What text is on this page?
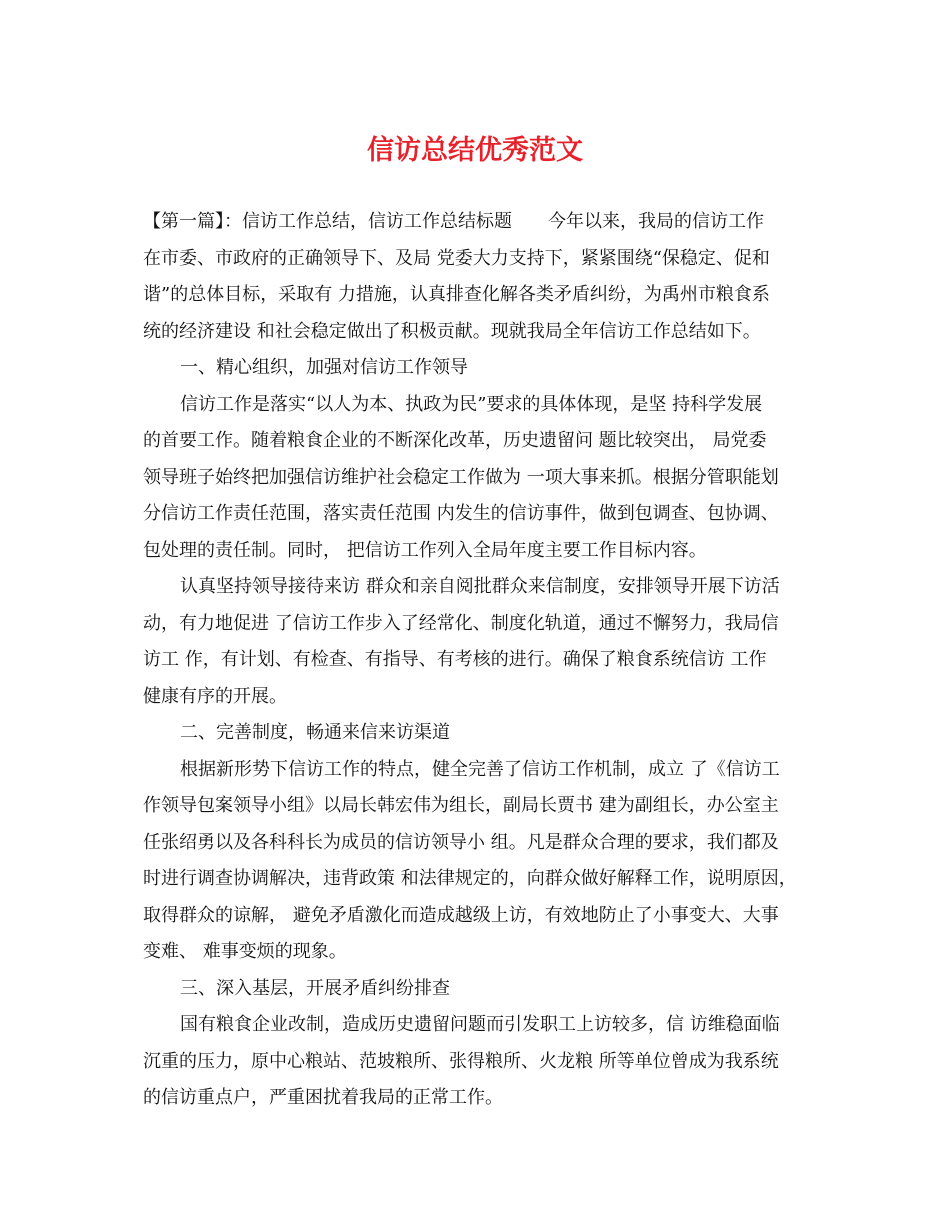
信访总结优秀范文
【第一篇】：信访工作总结，信访工作总结标题　　今年以来，我局的信访工作
在市委、市政府的正确领导下、及局 党委大力支持下，紧紧围绕“保稳定、促和
谐”的总体目标，采取有 力措施，认真排查化解各类矛盾纠纷，为禹州市粮食系
统的经济建设 和社会稳定做出了积极贡献。现就我局全年信访工作总结如下。
一、精心组织，加强对信访工作领导
信访工作是落实“以人为本、执政为民”要求的具体体现，是坚 持科学发展
的首要工作。随着粮食企业的不断深化改革，历史遗留问 题比较突出， 局党委
领导班子始终把加强信访维护社会稳定工作做为 一项大事来抓。根据分管职能划
分信访工作责任范围，落实责任范围 内发生的信访事件，做到包调查、包协调、
包处理的责任制。同时， 把信访工作列入全局年度主要工作目标内容。
认真坚持领导接待来访 群众和亲自阅批群众来信制度，安排领导开展下访活
动，有力地促进 了信访工作步入了经常化、制度化轨道，通过不懈努力，我局信
访工 作，有计划、有检查、有指导、有考核的进行。确保了粮食系统信访 工作
健康有序的开展。
二、完善制度，畅通来信来访渠道
根据新形势下信访工作的特点，健全完善了信访工作机制，成立 了《信访工
作领导包案领导小组》以局长韩宏伟为组长，副局长贾书 建为副组长，办公室主
任张绍勇以及各科科长为成员的信访领导小 组。凡是群众合理的要求，我们都及
时进行调查协调解决，违背政策 和法律规定的，向群众做好解释工作，说明原因，
取得群众的谅解， 避免矛盾激化而造成越级上访，有效地防止了小事变大、大事
变难、 难事变烦的现象。
三、深入基层，开展矛盾纠纷排查
国有粮食企业改制，造成历史遗留问题而引发职工上访较多，信 访维稳面临
沉重的压力，原中心粮站、范坡粮所、张得粮所、火龙粮 所等单位曾成为我系统
的信访重点户，严重困扰着我局的正常工作。
